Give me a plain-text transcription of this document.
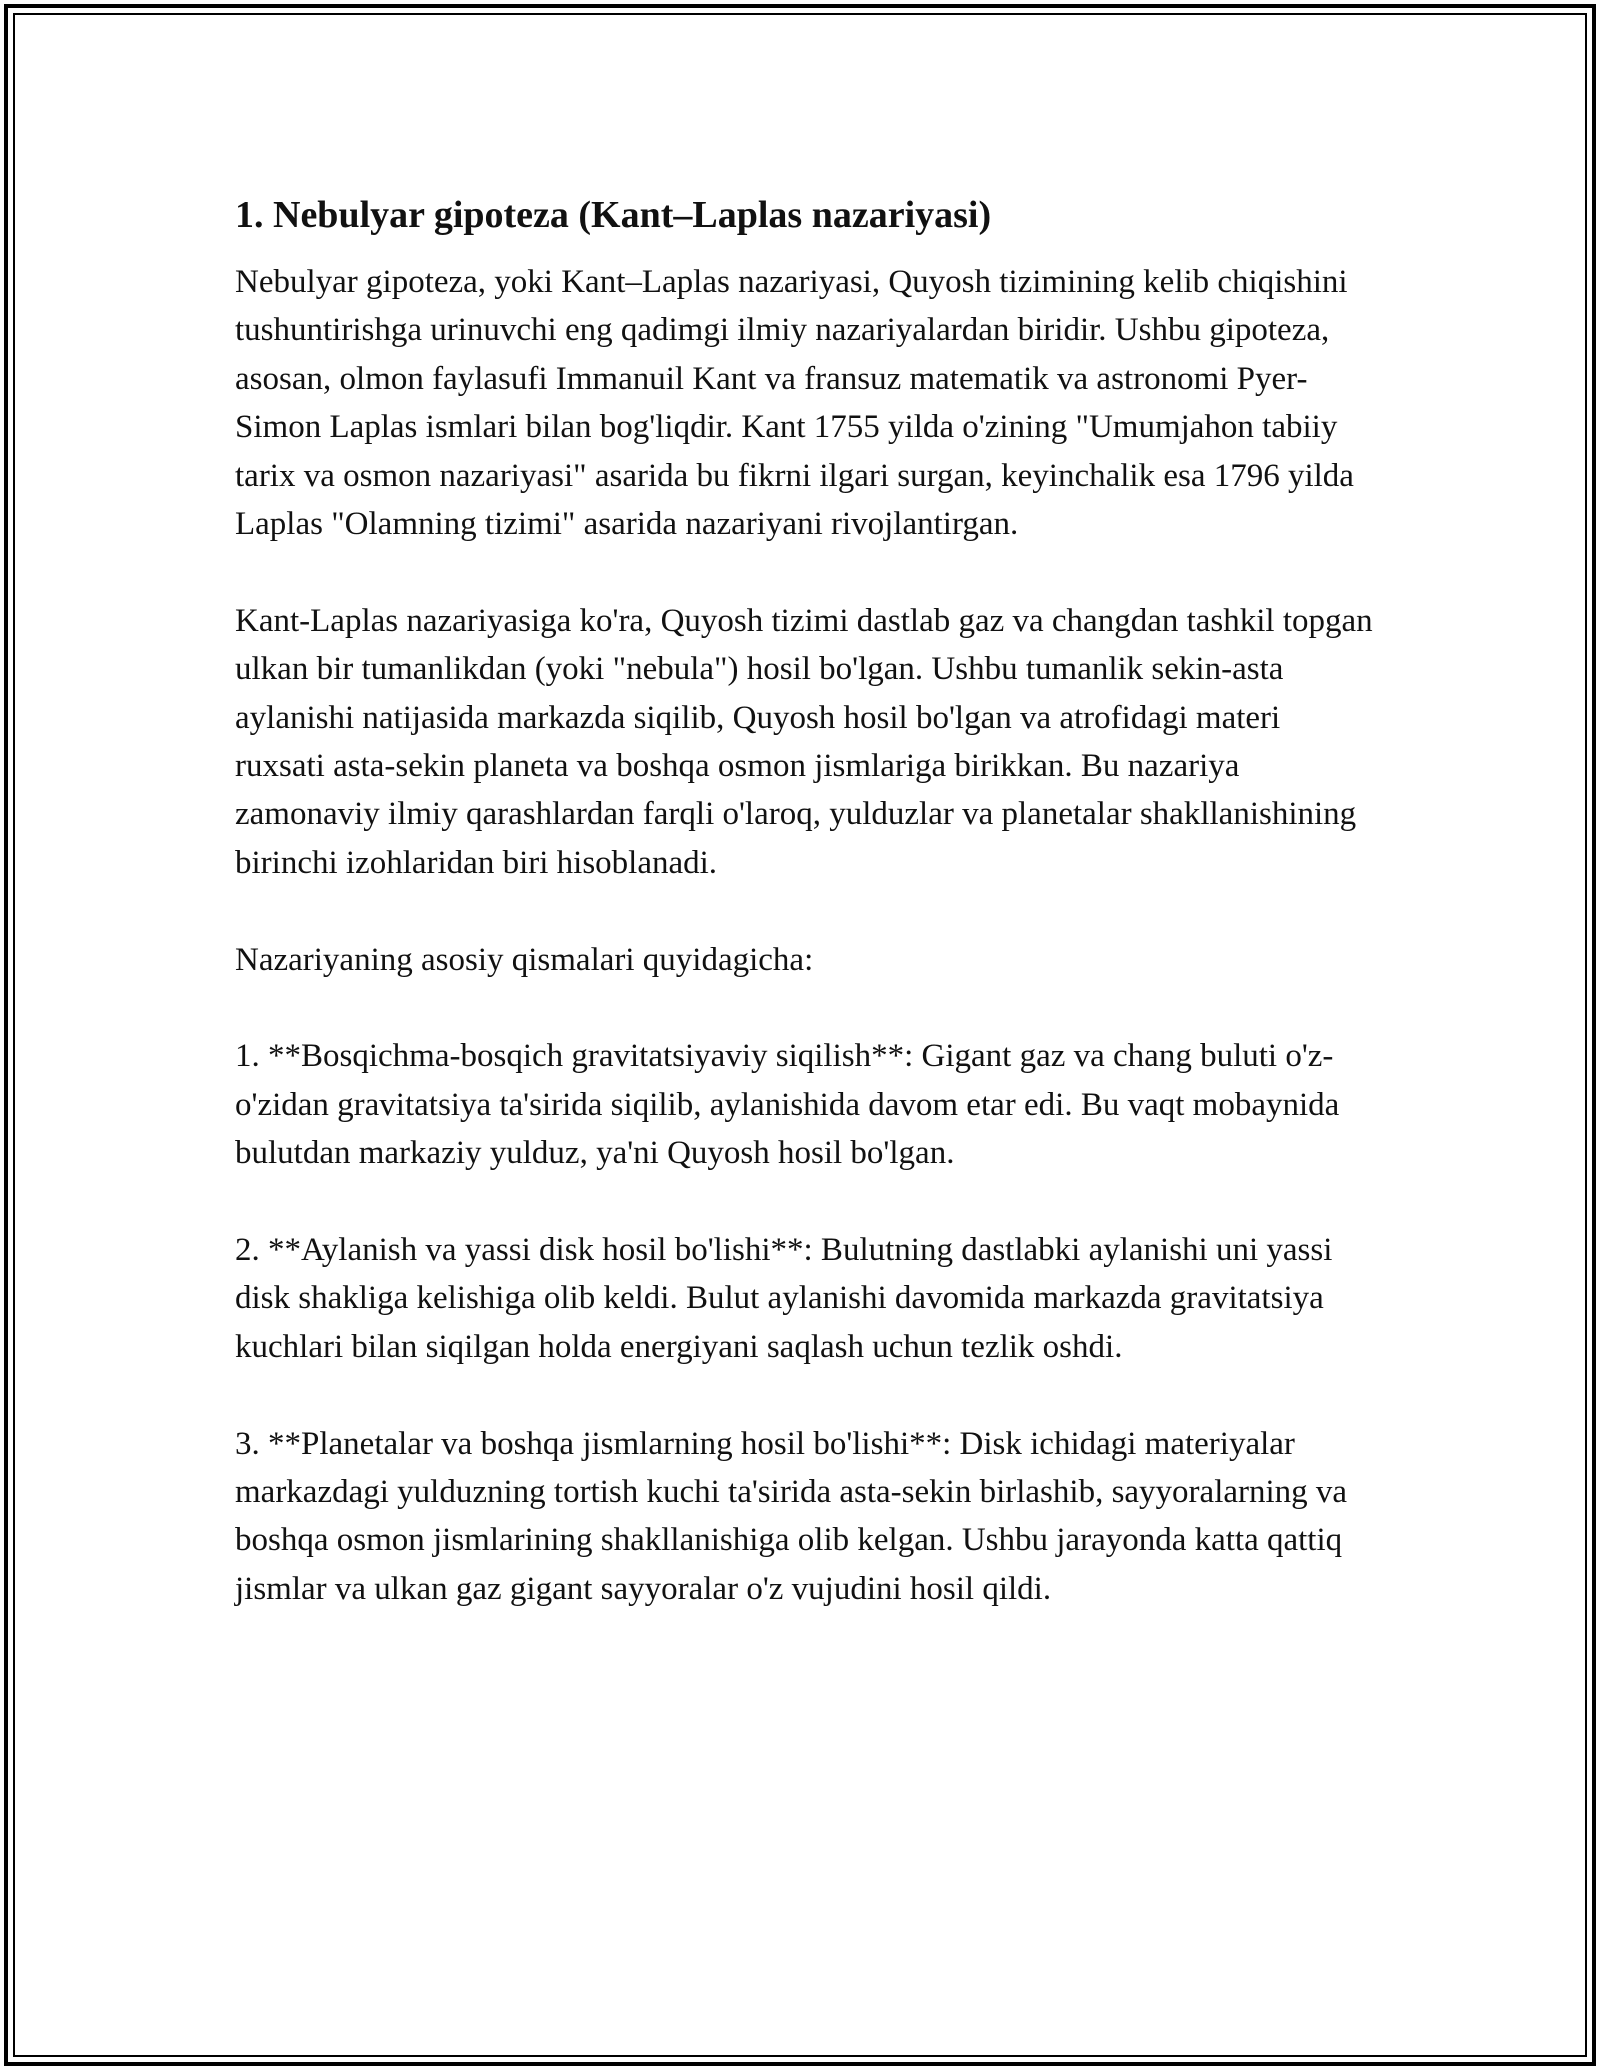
1. Nebulyar gipoteza (Kant–Laplas nazariyasi)

Nebulyar gipoteza, yoki Kant–Laplas nazariyasi, Quyosh tizimining kelib chiqishini tushuntirishga urinuvchi eng qadimgi ilmiy nazariyalardan biridir. Ushbu gipoteza, asosan, olmon faylasufi Immanuil Kant va fransuz matematik va astronomi Pyer-Simon Laplas ismlari bilan bog'liqdir. Kant 1755 yilda o'zining "Umumjahon tabiiy tarix va osmon nazariyasi" asarida bu fikrni ilgari surgan, keyinchalik esa 1796 yilda Laplas "Olamning tizimi" asarida nazariyani rivojlantirgan.

Kant-Laplas nazariyasiga ko'ra, Quyosh tizimi dastlab gaz va changdan tashkil topgan ulkan bir tumanlikdan (yoki "nebula") hosil bo'lgan. Ushbu tumanlik sekin-asta aylanishi natijasida markazda siqilib, Quyosh hosil bo'lgan va atrofidagi materi ruxsati asta-sekin planeta va boshqa osmon jismlariga birikkan. Bu nazariya zamonaviy ilmiy qarashlardan farqli o'laroq, yulduzlar va planetalar shakllanishining birinchi izohlaridan biri hisoblanadi.

Nazariyaning asosiy qismalari quyidagicha:

1. **Bosqichma-bosqich gravitatsiyaviy siqilish**: Gigant gaz va chang buluti o'z-o'zidan gravitatsiya ta'sirida siqilib, aylanishida davom etar edi. Bu vaqt mobaynida bulutdan markaziy yulduz, ya'ni Quyosh hosil bo'lgan.

2. **Aylanish va yassi disk hosil bo'lishi**: Bulutning dastlabki aylanishi uni yassi disk shakliga kelishiga olib keldi. Bulut aylanishi davomida markazda gravitatsiya kuchlari bilan siqilgan holda energiyani saqlash uchun tezlik oshdi.

3. **Planetalar va boshqa jismlarning hosil bo'lishi**: Disk ichidagi materiyalar markazdagi yulduzning tortish kuchi ta'sirida asta-sekin birlashib, sayyoralarning va boshqa osmon jismlarining shakllanishiga olib kelgan. Ushbu jarayonda katta qattiq jismlar va ulkan gaz gigant sayyoralar o'z vujudini hosil qildi.
